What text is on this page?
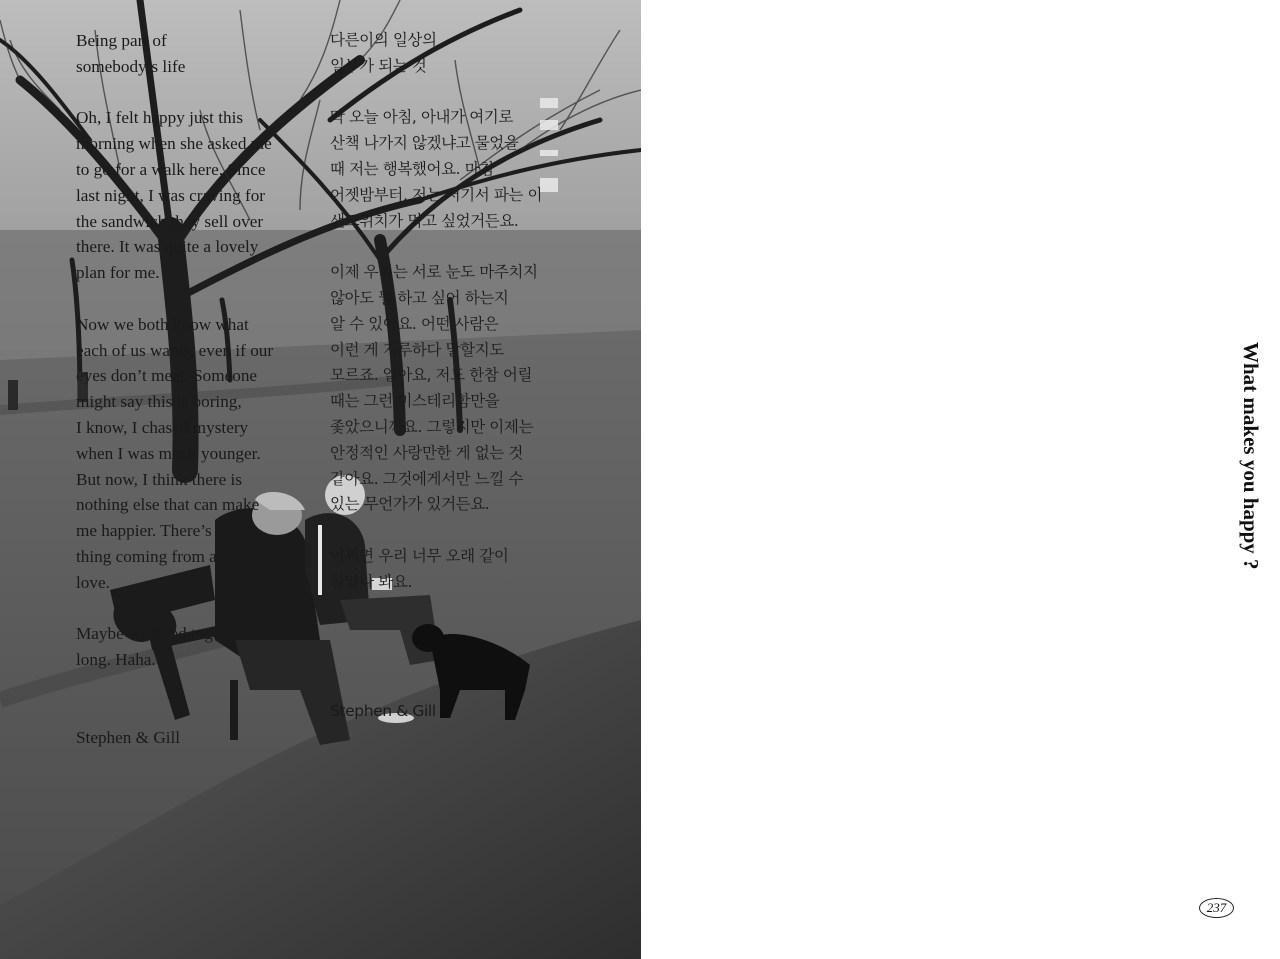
Being part of
somebody’s life

Oh, I felt happy just this
morning when she asked me
to go for a walk here. Since
last night, I was craving for
the sandwich they sell over
there. It was quite a lovely
plan for me.

Now we both know what
each of us wants, even if our
eyes don’t meet. Someone
might say this is boring,
I know, I chased mystery
when I was much younger.
But now, I think there is
nothing else that can make
me happier. There’s this
thing coming from a stable
love.

Maybe we lived together too
long. Haha.

Stephen & Gill

다른이의 일상의
일부가 되는 것

딱 오늘 아침, 아내가 여기로
산책 나가지 않겠냐고 물었을
때 저는 행복했어요. 마침
어젯밤부터, 저는 저기서 파는 이
샌드위치가 먹고 싶었거든요.

이제 우리는 서로 눈도 마주치지
않아도 뭘 하고 싶어 하는지
알 수 있어요. 어떤 사람은
이런 게 지루하다 말할지도
모르죠. 알아요, 저도 한참 어릴
때는 그런 미스테리함만을
좇았으니까요. 그렇지만 이제는
안정적인 사랑만한 게 없는 것
같아요. 그것에게서만 느낄 수
있는 무언가가 있거든요.

어쩌면 우리 너무 오래 같이
살았나 봐요.

Stephen & Gill

What makes you happy ?
237
